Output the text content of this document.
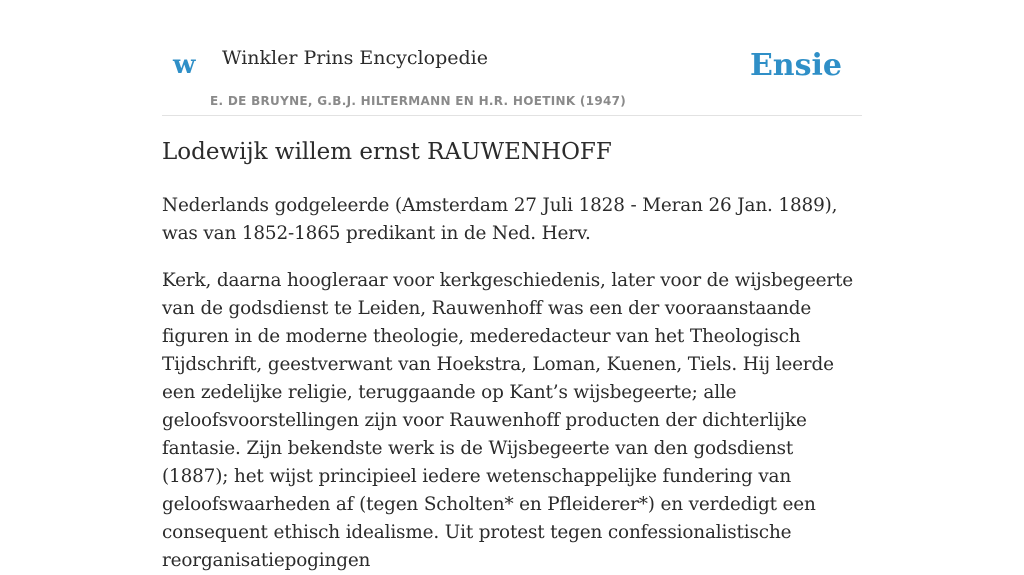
w Winkler Prins Encyclopedie
E. DE BRUYNE, G.B.J. HILTERMANN EN H.R. HOETINK (1947)
Ensie
Lodewijk willem ernst RAUWENHOFF

Nederlands godgeleerde (Amsterdam 27 Juli 1828 - Meran 26 Jan. 1889), was van 1852-1865 predikant in de Ned. Herv.

Kerk, daarna hoogleraar voor kerkgeschiedenis, later voor de wijsbegeerte van de godsdienst te Leiden, Rauwenhoff was een der vooraanstaande figuren in de moderne theologie, mederedacteur van het Theologisch Tijdschrift, geestverwant van Hoekstra, Loman, Kuenen, Tiels. Hij leerde een zedelijke religie, teruggaande op Kant’s wijsbegeerte; alle geloofsvoorstellingen zijn voor Rauwenhoff producten der dichterlijke fantasie. Zijn bekendste werk is de Wijsbegeerte van den godsdienst (1887); het wijst principieel iedere wetenschappelijke fundering van geloofswaarheden af (tegen Scholten* en Pfleiderer*) en verdedigt een consequent ethisch idealisme. Uit protest tegen confessionalistische reorganisatiepogingen
